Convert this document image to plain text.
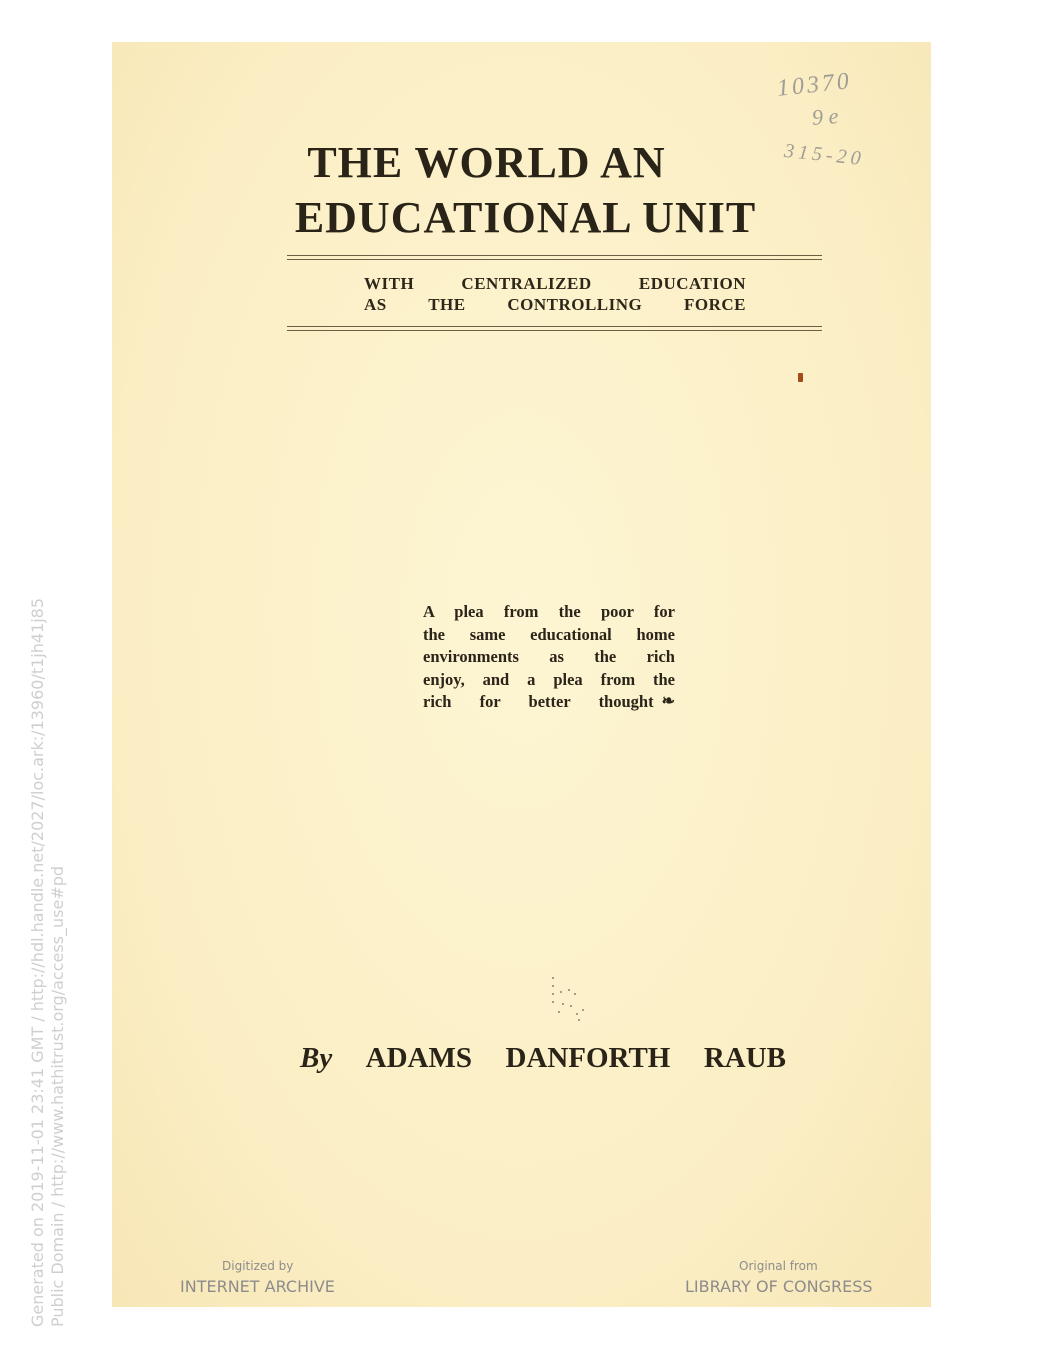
10370
9 e
315-20
THE WORLD AN
EDUCATIONAL UNIT
WITH CENTRALIZED EDUCATION
AS THE CONTROLLING FORCE
A plea from the poor for
the same educational home
environments as the rich
enjoy, and a plea from the
rich for better thought ❧
By ADAMS DANFORTH RAUB
Digitized by
INTERNET ARCHIVE
Original from
LIBRARY OF CONGRESS
Generated on 2019-11-01 23:41 GMT / http://hdl.handle.net/2027/loc.ark:/13960/t1jh41j85 Public Domain / http://www.hathitrust.org/access_use#pd
